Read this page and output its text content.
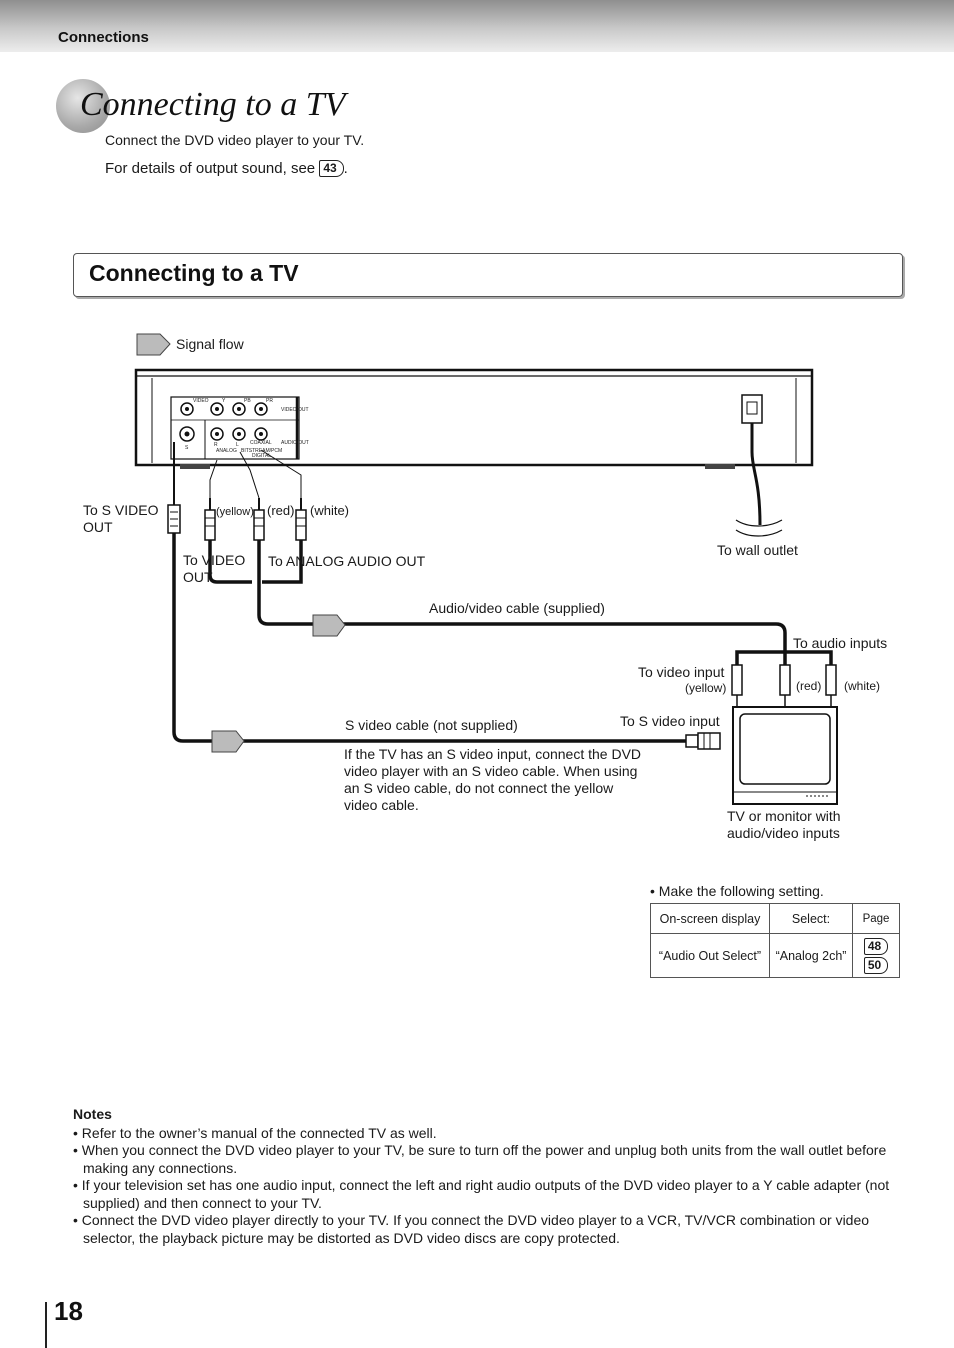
Connections
Connecting to a TV
Connect the DVD video player to your TV.
For details of output sound, see 43 .
Connecting to a TV
VIDEO	Y	PB	PR
VIDEO OUT
S	R	L COAXIAL
ANALOG BITSTREAM/PCM
DIGITAL
AUDIO OUT
Signal flow
To S VIDEO
OUT
(yellow) (red) (white)
To VIDEO
OUT
To ANALOG AUDIO OUT
To wall outlet
Audio/video cable (supplied)
To audio inputs
To video input
(yellow)	(red) (white)
S video cable (not supplied)	To S video input
If the TV has an S video input, connect the DVD video player with an S video cable. When using an S video cable, do not connect the yellow video cable.
TV or monitor with
audio/video inputs
• Make the following setting.
On-screen display	Select:	Page
“Audio Out Select”	“Analog 2ch”	48
50
Notes
• Refer to the owner’s manual of the connected TV as well.
• When you connect the DVD video player to your TV, be sure to turn off the power and unplug both units from the wall outlet before making any connections.
• If your television set has one audio input, connect the left and right audio outputs of the DVD video player to a Y cable adapter (not supplied) and then connect to your TV.
• Connect the DVD video player directly to your TV. If you connect the DVD video player to a VCR, TV/VCR combination or video selector, the playback picture may be distorted as DVD video discs are copy protected.
18
